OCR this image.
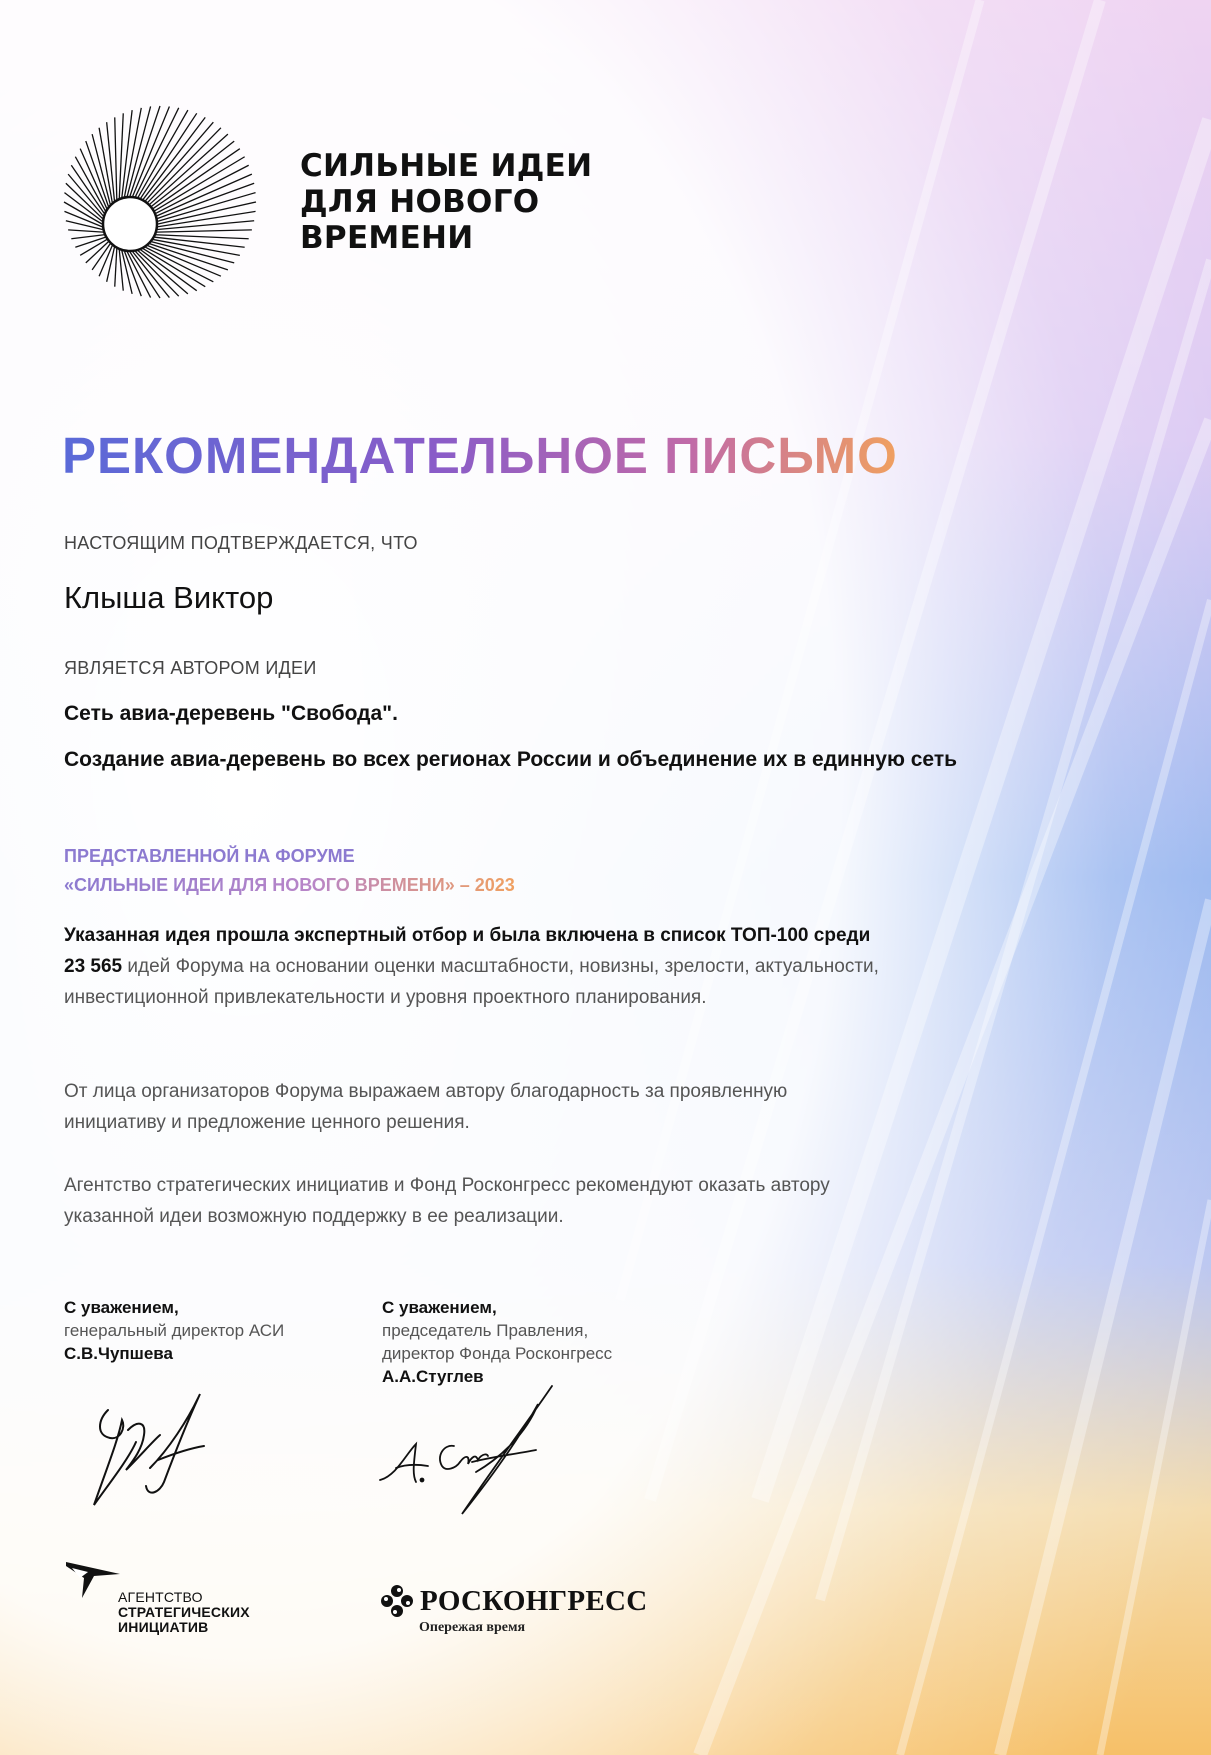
СИЛЬНЫЕ ИДЕИ
ДЛЯ НОВОГО
ВРЕМЕНИ
РЕКОМЕНДАТЕЛЬНОЕ ПИСЬМО
НАСТОЯЩИМ ПОДТВЕРЖДАЕТСЯ, ЧТО
Клыша Виктор
ЯВЛЯЕТСЯ АВТОРОМ ИДЕИ
Сеть авиа-деревень "Свобода".
Создание авиа-деревень во всех регионах России и объединение их в единную сеть
ПРЕДСТАВЛЕННОЙ НА ФОРУМЕ
«СИЛЬНЫЕ ИДЕИ ДЛЯ НОВОГО ВРЕМЕНИ» – 2023
Указанная идея прошла экспертный отбор и была включена в список ТОП-100 среди 23 565 идей Форума на основании оценки масштабности, новизны, зрелости, актуальности, инвестиционной привлекательности и уровня проектного планирования.
От лица организаторов Форума выражаем автору благодарность за проявленную инициативу и предложение ценного решения.
Агентство стратегических инициатив и Фонд Росконгресс рекомендуют оказать автору указанной идеи возможную поддержку в ее реализации.
С уважением,
генеральный директор АСИ
С.В.Чупшева
С уважением,
председатель Правления,
директор Фонда Росконгресс
А.А.Стуглев
АГЕНТСТВО
СТРАТЕГИЧЕСКИХ
ИНИЦИАТИВ
РОСКОНГРЕСС
Опережая время
